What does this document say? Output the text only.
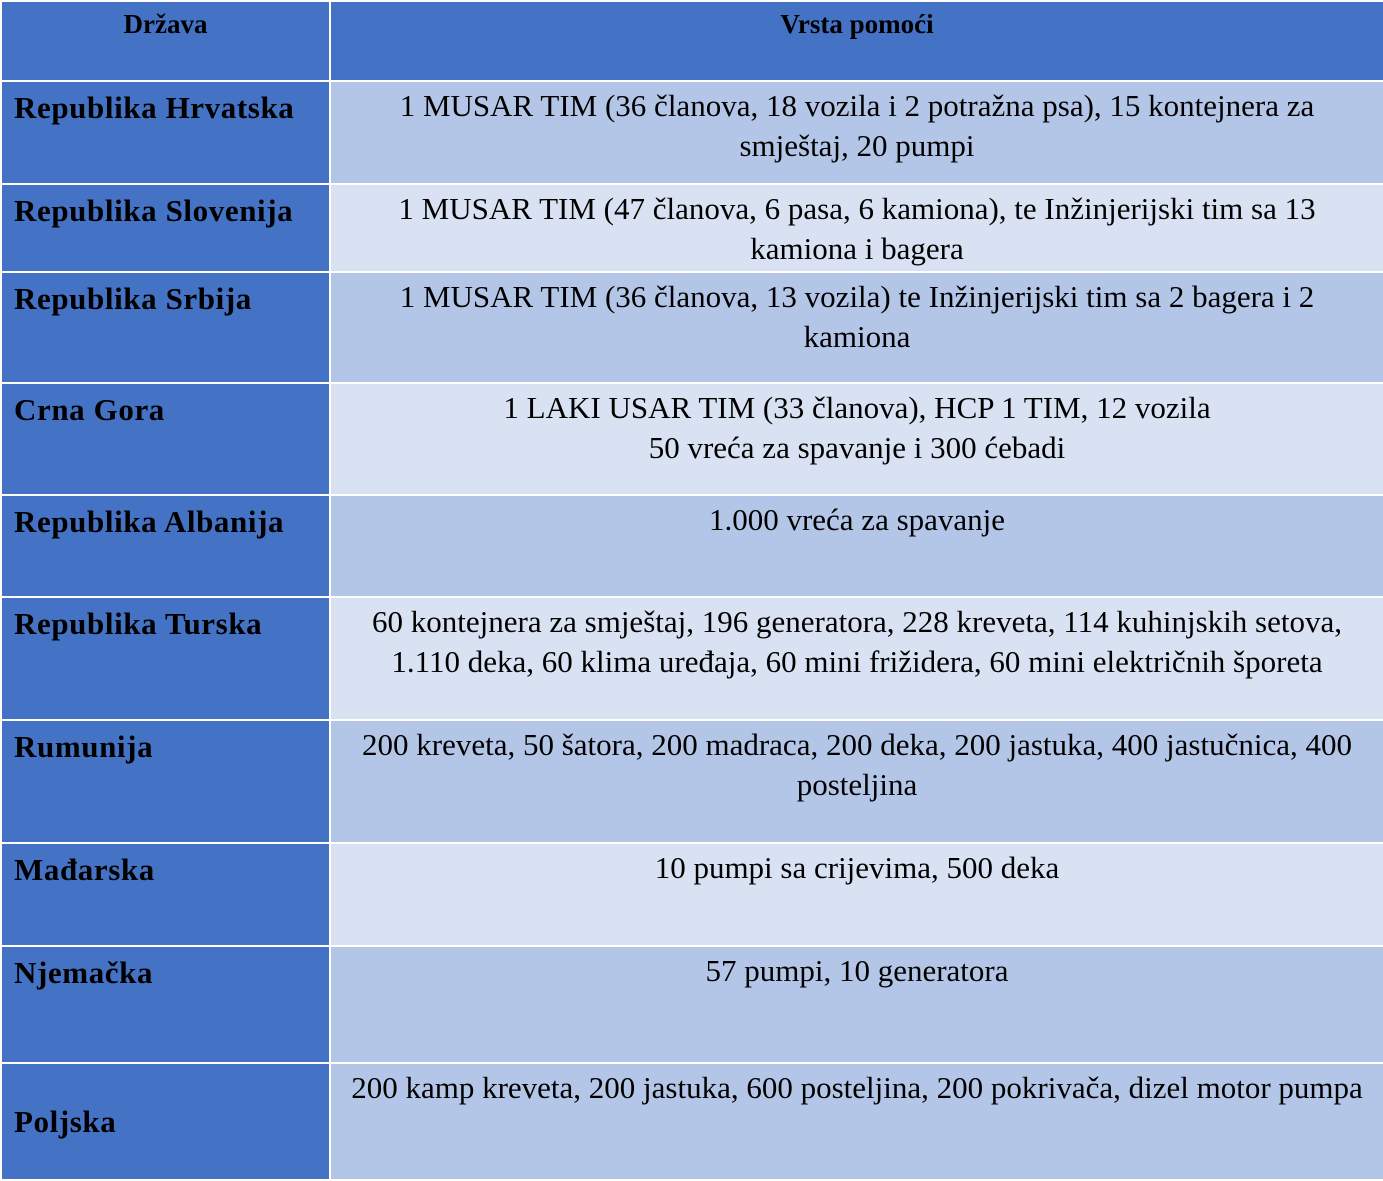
Država	Vrsta pomoći
Republika Hrvatska	1 MUSAR TIM (36 članova, 18 vozila i 2 potražna psa), 15 kontejnera za smještaj, 20 pumpi
Republika Slovenija	1 MUSAR TIM (47 članova, 6 pasa, 6 kamiona), te Inžinjerijski tim sa 13 kamiona i bagera
Republika Srbija	1 MUSAR TIM (36 članova, 13 vozila) te Inžinjerijski tim sa 2 bagera i 2 kamiona
Crna Gora	1 LAKI USAR TIM (33 članova), HCP 1 TIM, 12 vozila
50 vreća za spavanje i 300 ćebadi

Republika Albanija	1.000 vreća za spavanje
Republika Turska	60 kontejnera za smještaj, 196 generatora, 228 kreveta, 114 kuhinjskih setova, 1.110 deka, 60 klima uređaja, 60 mini frižidera, 60 mini električnih šporeta
Rumunija	200 kreveta, 50 šatora, 200 madraca, 200 deka, 200 jastuka, 400 jastučnica, 400 posteljina
Mađarska	10 pumpi sa crijevima, 500 deka
Njemačka	57 pumpi, 10 generatora
Poljska	200 kamp kreveta, 200 jastuka, 600 posteljina, 200 pokrivača, dizel motor pumpa
